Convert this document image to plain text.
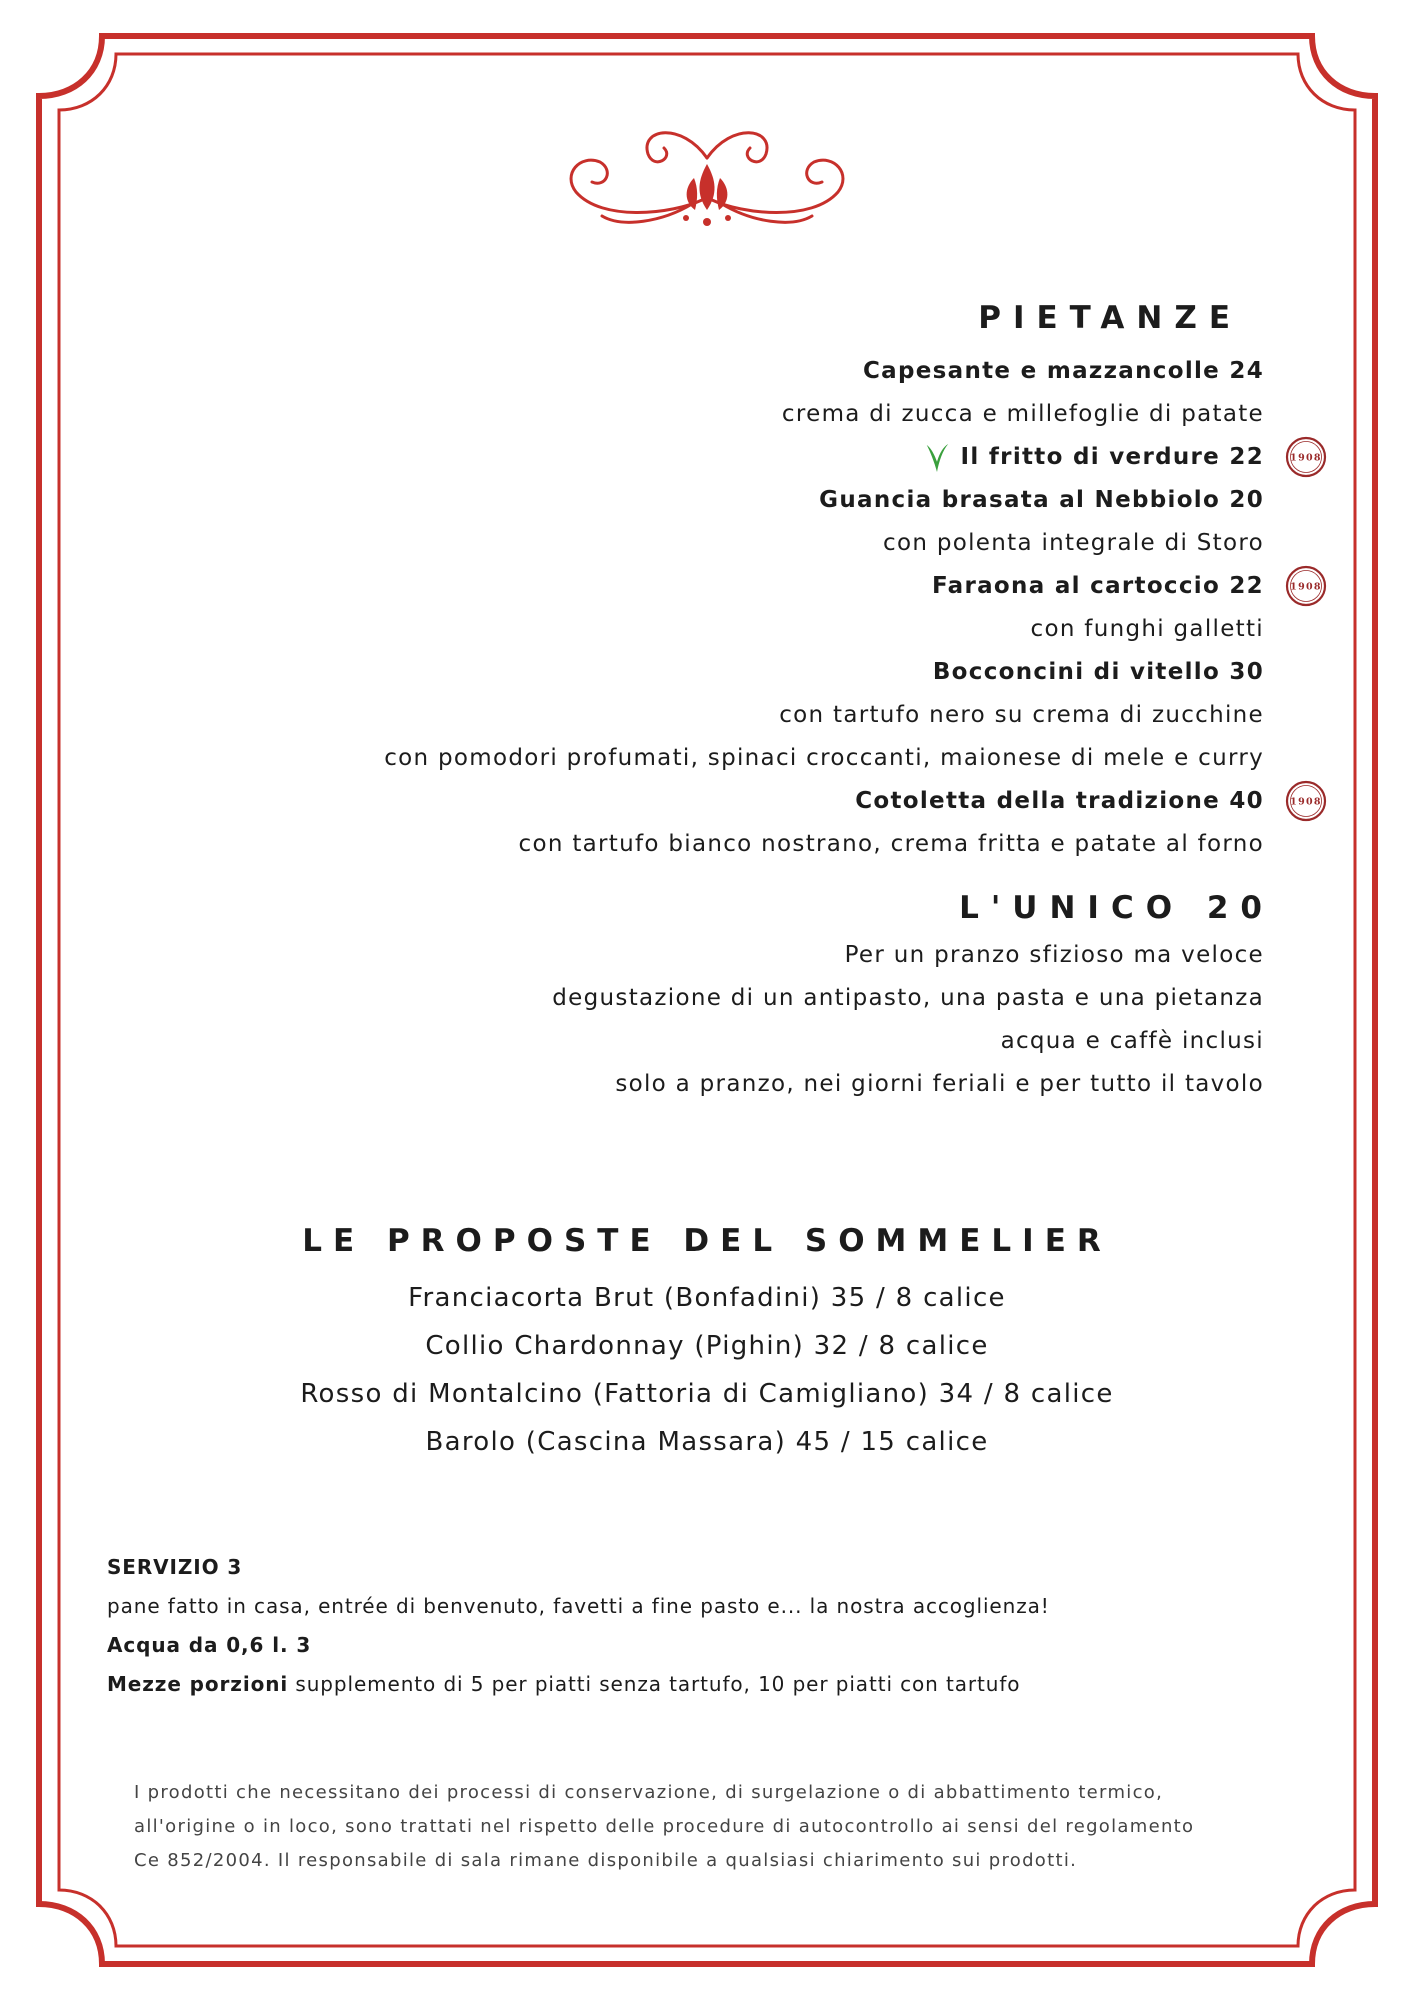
PIETANZE
Capesante e mazzancolle 24
crema di zucca e millefoglie di patate
Il fritto di verdure 22	1908
Guancia brasata al Nebbiolo 20
con polenta integrale di Storo
Faraona al cartoccio 22	1908
con funghi galletti
Bocconcini di vitello 30
con tartufo nero su crema di zucchine
con pomodori profumati, spinaci croccanti, maionese di mele e curry
Cotoletta della tradizione 40	1908
con tartufo bianco nostrano, crema fritta e patate al forno
L'UNICO 20
Per un pranzo sfizioso ma veloce
degustazione di un antipasto, una pasta e una pietanza
acqua e caffè inclusi
solo a pranzo, nei giorni feriali e per tutto il tavolo
LE PROPOSTE DEL SOMMELIER
Franciacorta Brut (Bonfadini) 35 / 8 calice
Collio Chardonnay (Pighin) 32 / 8 calice
Rosso di Montalcino (Fattoria di Camigliano) 34 / 8 calice
Barolo (Cascina Massara) 45 / 15 calice
SERVIZIO 3
pane fatto in casa, entrée di benvenuto, favetti a fine pasto e... la nostra accoglienza!
Acqua da 0,6 l. 3
Mezze porzioni supplemento di 5 per piatti senza tartufo, 10 per piatti con tartufo
I prodotti che necessitano dei processi di conservazione, di surgelazione o di abbattimento termico,
all'origine o in loco, sono trattati nel rispetto delle procedure di autocontrollo ai sensi del regolamento
Ce 852/2004. Il responsabile di sala rimane disponibile a qualsiasi chiarimento sui prodotti.
